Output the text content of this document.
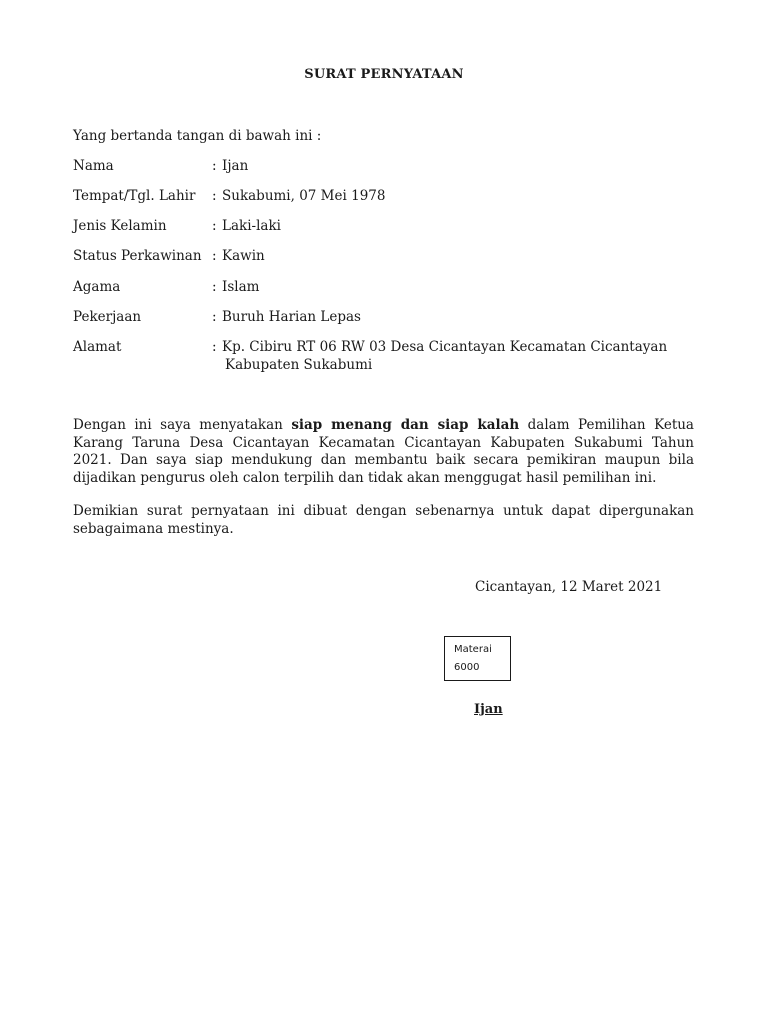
SURAT PERNYATAAN
Yang bertanda tangan di bawah ini :
Nama	: Ijan
Tempat/Tgl. Lahir : Sukabumi, 07 Mei 1978
Jenis Kelamin	: Laki-laki
Status Perkawinan : Kawin
Agama	: Islam
Pekerjaan	: Buruh Harian Lepas
Alamat	: Kp. Cibiru RT 06 RW 03 Desa Cicantayan Kecamatan Cicantayan
Kabupaten Sukabumi
Dengan ini saya menyatakan siap menang dan siap kalah dalam Pemilihan Ketua Karang Taruna Desa Cicantayan Kecamatan Cicantayan Kabupaten Sukabumi Tahun 2021. Dan saya siap mendukung dan membantu baik secara pemikiran maupun bila dijadikan pengurus oleh calon terpilih dan tidak akan menggugat hasil pemilihan ini.
Demikian surat pernyataan ini dibuat dengan sebenarnya untuk dapat dipergunakan sebagaimana mestinya.
Cicantayan, 12 Maret 2021
Materai
6000
Ijan
